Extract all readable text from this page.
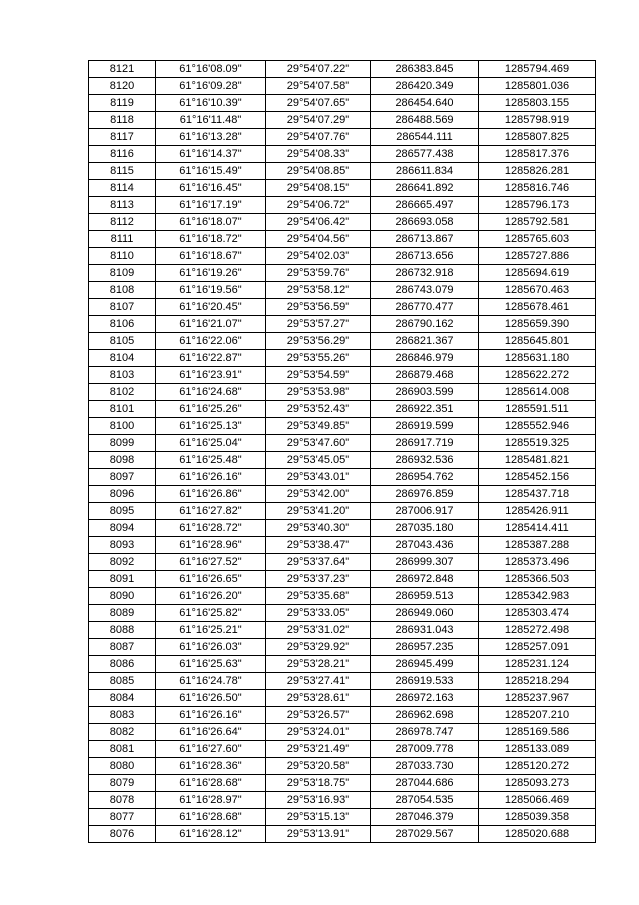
8121	61°16'08.09"	29°54'07.22"	286383.845	1285794.469
8120	61°16'09.28"	29°54'07.58"	286420.349	1285801.036
8119	61°16'10.39"	29°54'07.65"	286454.640	1285803.155
8118	61°16'11.48"	29°54'07.29"	286488.569	1285798.919
8117	61°16'13.28"	29°54'07.76"	286544.111	1285807.825
8116	61°16'14.37"	29°54'08.33"	286577.438	1285817.376
8115	61°16'15.49"	29°54'08.85"	286611.834	1285826.281
8114	61°16'16.45"	29°54'08.15"	286641.892	1285816.746
8113	61°16'17.19"	29°54'06.72"	286665.497	1285796.173
8112	61°16'18.07"	29°54'06.42"	286693.058	1285792.581
8111	61°16'18.72"	29°54'04.56"	286713.867	1285765.603
8110	61°16'18.67"	29°54'02.03"	286713.656	1285727.886
8109	61°16'19.26"	29°53'59.76"	286732.918	1285694.619
8108	61°16'19.56"	29°53'58.12"	286743.079	1285670.463
8107	61°16'20.45"	29°53'56.59"	286770.477	1285678.461
8106	61°16'21.07"	29°53'57.27"	286790.162	1285659.390
8105	61°16'22.06"	29°53'56.29"	286821.367	1285645.801
8104	61°16'22.87"	29°53'55.26"	286846.979	1285631.180
8103	61°16'23.91"	29°53'54.59"	286879.468	1285622.272
8102	61°16'24.68"	29°53'53.98"	286903.599	1285614.008
8101	61°16'25.26"	29°53'52.43"	286922.351	1285591.511
8100	61°16'25.13"	29°53'49.85"	286919.599	1285552.946
8099	61°16'25.04"	29°53'47.60"	286917.719	1285519.325
8098	61°16'25.48"	29°53'45.05"	286932.536	1285481.821
8097	61°16'26.16"	29°53'43.01"	286954.762	1285452.156
8096	61°16'26.86"	29°53'42.00"	286976.859	1285437.718
8095	61°16'27.82"	29°53'41.20"	287006.917	1285426.911
8094	61°16'28.72"	29°53'40.30"	287035.180	1285414.411
8093	61°16'28.96"	29°53'38.47"	287043.436	1285387.288
8092	61°16'27.52"	29°53'37.64"	286999.307	1285373.496
8091	61°16'26.65"	29°53'37.23"	286972.848	1285366.503
8090	61°16'26.20"	29°53'35.68"	286959.513	1285342.983
8089	61°16'25.82"	29°53'33.05"	286949.060	1285303.474
8088	61°16'25.21"	29°53'31.02"	286931.043	1285272.498
8087	61°16'26.03"	29°53'29.92"	286957.235	1285257.091
8086	61°16'25.63"	29°53'28.21"	286945.499	1285231.124
8085	61°16'24.78"	29°53'27.41"	286919.533	1285218.294
8084	61°16'26.50"	29°53'28.61"	286972.163	1285237.967
8083	61°16'26.16"	29°53'26.57"	286962.698	1285207.210
8082	61°16'26.64"	29°53'24.01"	286978.747	1285169.586
8081	61°16'27.60"	29°53'21.49"	287009.778	1285133.089
8080	61°16'28.36"	29°53'20.58"	287033.730	1285120.272
8079	61°16'28.68"	29°53'18.75"	287044.686	1285093.273
8078	61°16'28.97"	29°53'16.93"	287054.535	1285066.469
8077	61°16'28.68"	29°53'15.13"	287046.379	1285039.358
8076	61°16'28.12"	29°53'13.91"	287029.567	1285020.688
